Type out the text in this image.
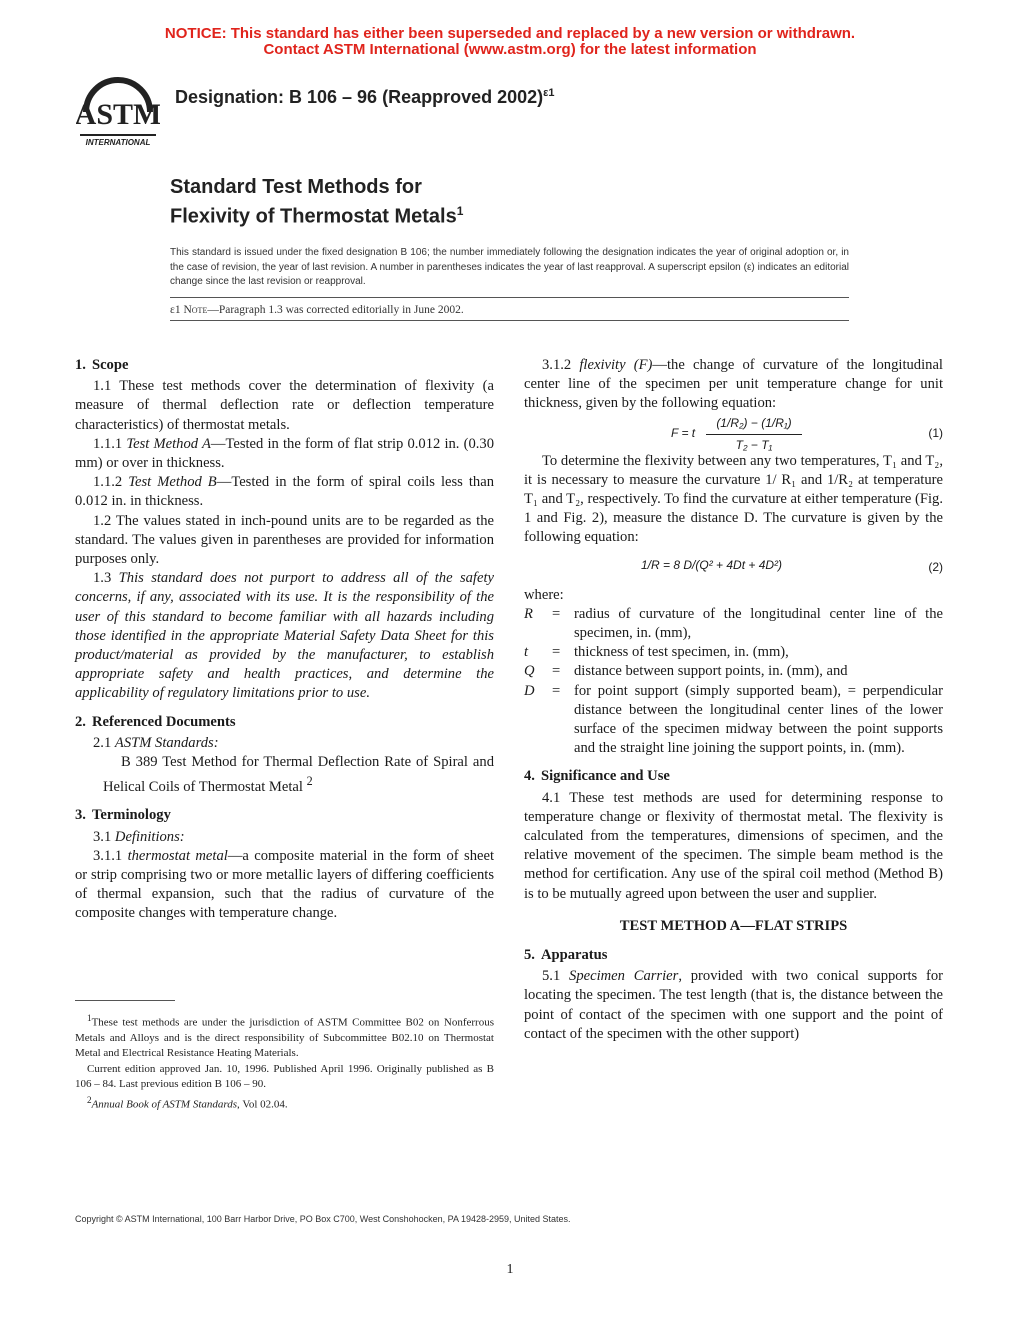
NOTICE: This standard has either been superseded and replaced by a new version or withdrawn.
Contact ASTM International (www.astm.org) for the latest information
ASTM
INTERNATIONAL
Designation: B 106 – 96 (Reapproved 2002)$^{\varepsilon 1}$
Standard Test Methods for
Flexivity of Thermostat Metals$^1$
This standard is issued under the fixed designation B 106; the number immediately following the designation indicates the year of original adoption or, in the case of revision, the year of last revision. A number in parentheses indicates the year of last reapproval. A superscript epsilon (ε) indicates an editorial change since the last revision or reapproval.
ε1 Note—Paragraph 1.3 was corrected editorially in June 2002.
1. Scope

1.1 These test methods cover the determination of flexivity (a measure of thermal deflection rate or deflection temperature characteristics) of thermostat metals.

1.1.1 Test Method A—Tested in the form of flat strip 0.012 in. (0.30 mm) or over in thickness.

1.1.2 Test Method B—Tested in the form of spiral coils less than 0.012 in. in thickness.

1.2 The values stated in inch-pound units are to be regarded as the standard. The values given in parentheses are provided for information purposes only.

1.3 This standard does not purport to address all of the safety concerns, if any, associated with its use. It is the responsibility of the user of this standard to become familiar with all hazards including those identified in the appropriate Material Safety Data Sheet for this product/material as provided by the manufacturer, to establish appropriate safety and health practices, and determine the applicability of regulatory limitations prior to use.

2. Referenced Documents

2.1 ASTM Standards:

B 389 Test Method for Thermal Deflection Rate of Spiral and Helical Coils of Thermostat Metal $^2$

3. Terminology

3.1 Definitions:

3.1.1 thermostat metal—a composite material in the form of sheet or strip comprising two or more metallic layers of differing coefficients of thermal expansion, such that the radius of curvature of the composite changes with temperature change.

$^1$These test methods are under the jurisdiction of ASTM Committee B02 on Nonferrous Metals and Alloys and is the direct responsibility of Subcommittee B02.10 on Thermostat Metal and Electrical Resistance Heating Materials.

Current edition approved Jan. 10, 1996. Published April 1996. Originally published as B 106 – 84. Last previous edition B 106 – 90.

$^2$Annual Book of ASTM Standards, Vol 02.04.

3.1.2 flexivity (F)—the change of curvature of the longitudinal center line of the specimen per unit temperature change for unit thickness, given by the following equation:

F = t $\frac{\text{(1/R₂) − (1/R₁)}}{\text{T₂ − T₁}}$	(1)

To determine the flexivity between any two temperatures, T₁ and T₂, it is necessary to measure the curvature 1/ R₁ and 1/R₂ at temperature T₁ and T₂, respectively. To find the curvature at either temperature (Fig. 1 and Fig. 2), measure the distance D. The curvature is given by the following equation:

1/R = 8 D/(Q² + 4Dt + 4D²)	(2)

where:

R	= radius of curvature of the longitudinal center line of the specimen, in. (mm),
t	= thickness of test specimen, in. (mm),
Q	= distance between support points, in. (mm), and
D	= for point support (simply supported beam), = perpendicular distance between the longitudinal center lines of the lower surface of the specimen midway between the point supports and the straight line joining the support points, in. (mm).
4. Significance and Use

4.1 These test methods are used for determining response to temperature change or flexivity of thermostat metal. The flexivity is calculated from the temperatures, dimensions of specimen, and the relative movement of the specimen. The simple beam method is the method for certification. Any use of the spiral coil method (Method B) is to be mutually agreed upon between the user and supplier.

TEST METHOD A—FLAT STRIPS
5. Apparatus

5.1 Specimen Carrier, provided with two conical supports for locating the specimen. The test length (that is, the distance between the point of contact of the specimen with one support and the point of contact of the specimen with the other support)

Copyright © ASTM International, 100 Barr Harbor Drive, PO Box C700, West Conshohocken, PA 19428-2959, United States.
1
